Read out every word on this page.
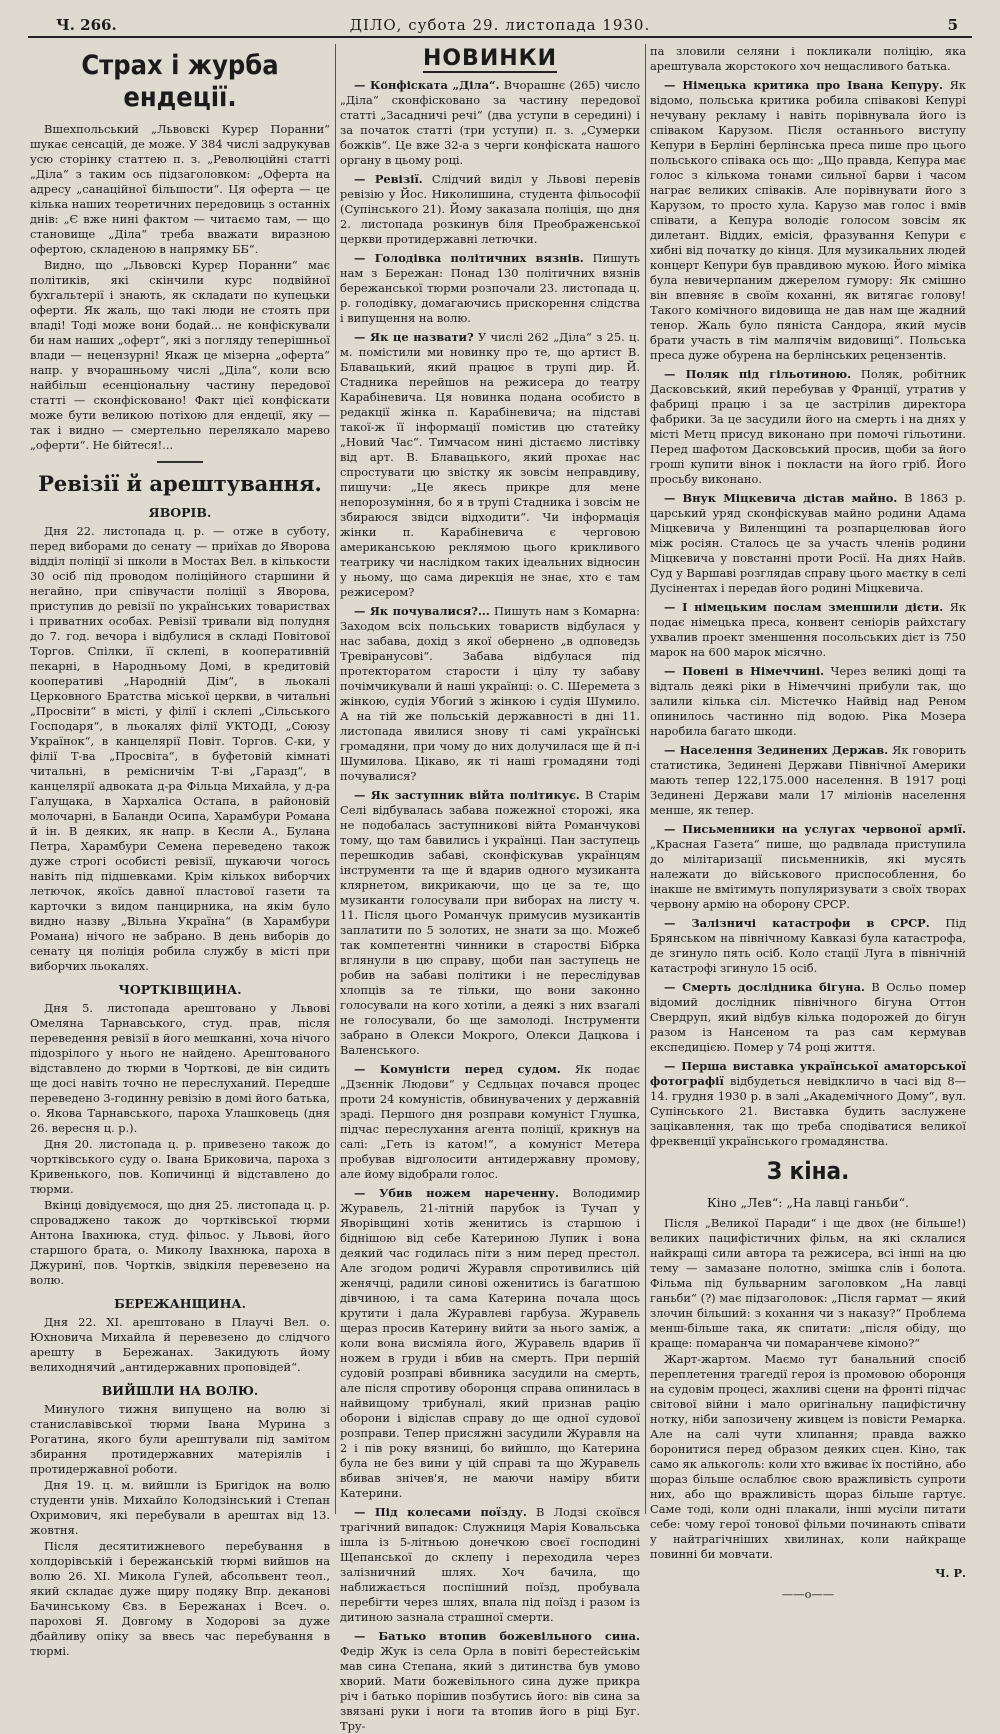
Ч. 266.	ДІЛО, субота 29. листопада 1930.	5
Страх і журба ендеції.

Вшехпольський „Львовскі Курєр Поранни“ шукає сенсацій, де може. У 384 числі задрукував усю сторінку статтею п. з. „Революційні статті „Діла“ з таким ось підзаголовком: „Оферта на адресу „санаційної більшости“. Ця оферта — це кілька наших теоретичних передовиць з останніх днів: „Є вже нині фактом — читаємо там, — що становище „Діла“ треба вважати виразною офертою, складеною в напрямку ББ“.

Видно, що „Львовскі Курєр Поранни“ має політиків, які скінчили курс подвійної бухгальтерії і знають, як складати по купецьки оферти. Як жаль, що такі люди не стоять при владі! Тоді може вони бодай... не конфіскували би нам наших „оферт“, які з погляду теперішньої влади — нецензурні! Якаж це мізерна „оферта“ напр. у вчорашньому числі „Діла“, коли всю найбільш есенціональну частину передової статті — сконфісковано! Факт цієї конфіскати може бути великою потіхою для ендеції, яку — так і видно — смертельно перелякало марево „оферти“. Не бійтеся!...

Ревізії й арештування.
ЯВОРІВ.

Дня 22. листопада ц. р. — отже в суботу, перед виборами до сенату — приїхав до Яворова відділ поліції зі школи в Мостах Вел. в кількости 30 осіб під проводом поліційного старшини й негайно, при співучасти поліції з Яворова, приступив до ревізії по українських товариствах і приватних особах. Ревізії тривали від полудня до 7. год. вечора і відбулися в складі Повітової Торгов. Спілки, її склепі, в кооперативній пекарні, в Народньому Домі, в кредитовій кооперативі „Народній Дім“, в льокалі Церковного Братства міської церкви, в читальні „Просвіти“ в місті, у філії і склепі „Сільського Господаря“, в льокалях філії УКТОДІ, „Союзу Українок“, в канцелярії Повіт. Торгов. С-ки, у філії Т-ва „Просвіта“, в буфетовій кімнаті читальні, в ремісничім Т-ві „Гаразд“, в канцелярії адвоката д-ра Фільца Михайла, у д-ра Галущака, в Хархаліса Остапа, в районовій молочарні, в Баланди Осипа, Харамбури Романа й ін. В деяких, як напр. в Кесли А., Булана Петра, Харамбури Семена переведено також дуже строгі особисті ревізії, шукаючи чогось навіть під підшевками. Крім кількох виборчих летючок, якоїсь давної пластової газети та карточки з видом панцирника, на якім було видно назву „Вільна Україна“ (в Харамбури Романа) нічого не забрано. В день виборів до сенату ця поліція робила службу в місті при виборчих льокалях.

ЧОРТКІВЩИНА.

Дня 5. листопада арештовано у Львові Омеляна Тарнавського, студ. прав, після переведення ревізії в його мешканні, хоча нічого підозрілого у нього не найдено. Арештованого відставлено до тюрми в Чорткові, де він сидить ще досі навіть точно не переслуханий. Передше переведено 3-годинну ревізію в домі його батька, о. Якова Тарнавського, пароха Улашковець (дня 26. вересня ц. р.).

Дня 20. листопада ц. р. привезено також до чортківського суду о. Івана Бриковича, пароха з Кривенького, пов. Копичинці й відставлено до тюрми.

Вкінці довідуємося, що дня 25. листопада ц. р. спроваджено також до чортківської тюрми Антона Івахнюка, студ. фільос. у Львові, його старшого брата, о. Миколу Івахнюка, пароха в Джуринї, пов. Чортків, звідкіля перевезено на волю.

БЕРЕЖАНЩИНА.

Дня 22. XI. арештовано в Плаучі Вел. о. Юхновича Михайла й перевезено до слідчого арешту в Бережанах. Закидують йому велиходнячий „антидержавних проповідей“.

ВИЙШЛИ НА ВОЛЮ.

Минулого тижня випущено на волю зі станиславівської тюрми Івана Мурина з Рогатина, якого були арештували під замітом збирання протидержавних матеріялів і протидержавної роботи.

Дня 19. ц. м. вийшли із Бригідок на волю студенти унів. Михайло Колодзінський і Степан Охримович, які перебували в арештах від 13. жовтня.

Після десятитижневого перебування в холдорівській і бережанській тюрмі вийшов на волю 26. XI. Микола Гулей, абсольвент теол., який складає дуже щиру подяку Впр. деканові Бачинському Євз. в Бережанах і Всеч. о. парохові Я. Довгому в Ходорові за дуже дбайливу опіку за ввесь час перебування в тюрмі.

НОВИНКИ

— Конфіската „Діла“. Вчорашнє (265) число „Діла“ сконфісковано за частину передової статті „Засадничі речі“ (два уступи в середині) і за початок статті (три уступи) п. з. „Сумерки божків“. Це вже 32-а з черги конфіската нашого органу в цьому році.

— Ревізії. Слідчий виділ у Львові перевів ревізію у Йос. Николишина, студента фільософії (Супінського 21). Йому заказала поліція, що дня 2. листопада розкинув біля Преображенської церкви протидержавні летючки.

— Голодівка політичних вязнів. Пишуть нам з Бережан: Понад 130 політичних вязнів бережанської тюрми розпочали 23. листопада ц. р. голодівку, домагаючись прискорення слідства і випущення на волю.

— Як це назвати? У числі 262 „Діла“ з 25. ц. м. помістили ми новинку про те, що артист В. Блавацький, який працює в трупі дир. Й. Стадника перейшов на режисера до театру Карабіневича. Ця новинка подана особисто в редакції жінка п. Карабіневича; на підставі такої-ж її інформації помістив цю статейку „Новий Час“. Тимчасом нині дістаємо листівку від арт. В. Блавацького, який прохає нас спростувати цю звістку як зовсім неправдиву, пишучи: „Це якесь прикре для мене непорозуміння, бо я в трупі Стадника і зовсім не збираюся звідси відходити“. Чи інформація жінки п. Карабіневича є черговою американською реклямою цього крикливого театрику чи наслідком таких ідеальних відносин у ньому, що сама дирекція не знає, хто є там режисером?

— Як почувалися?... Пишуть нам з Комарна: Заходом всіх польських товариств відбулася у нас забава, дохід з якої обернено „в одповедзь Тревіранусові“. Забава відбулася під протекторатом старости і цілу ту забаву почімчикували й наші українці: о. С. Шеремета з жінкою, судія Убогий з жінкою і судія Шумило. А на тій же польській державності в дні 11. листопада явилися знову ті самі українські громадяни, при чому до них долучилася ще й п-і Шумилова. Цікаво, як ті наші громадяни тоді почувалися?

— Як заступник війта політикує. В Старім Селі відбувалась забава пожежної сторожі, яка не подобалась заступникові війта Романчукові тому, що там бавились і українці. Пан заступець перешкодив забаві, сконфіскував українцям інструменти та ще й вдарив одного музиканта клярнетом, викрикаючи, що це за те, що музиканти голосували при виборах на листу ч. 11. Після цього Романчук примусив музикантів заплатити по 5 золотих, не знати за що. Можеб так компетентні чинники в старостві Бібрка вглянули в цю справу, щоби пан заступець не робив на забаві політики і не переслідував хлопців за те тільки, що вони законно голосували на кого хотіли, а деякі з них взагалі не голосували, бо ще замолоді. Інструменти забрано в Олекси Мокрого, Олекси Дацкова і Валенського.

— Комуністи перед судом. Як подає „Дзєннік Людови“ у Сєдльцах почався процес проти 24 комуністів, обвинувачених у державній зраді. Першого дня розправи комуніст Глушка, підчас переслухання агента поліції, крикнув на салі: „Геть із катом!“, а комуніст Метера пробував відголосити антидержавну промову, але йому відобрали голос.

— Убив ножем нареченну. Володимир Журавель, 21-літній парубок із Тучап у Яворівщині хотів женитись із старшою і біднішою від себе Катериною Лупик і вона деякий час годилась піти з ним перед престол. Але згодом родичі Журавля спротивились цій женячці, радили синові оженитись із багатшою дівчиною, і та сама Катерина почала щось крутити і дала Журавлеві гарбуза. Журавель щераз просив Катерину вийти за нього заміж, а коли вона висміяла його, Журавель вдарив її ножем в груди і вбив на смерть. При першій судовій розправі вбивника засудили на смерть, але після спротиву оборонця справа опинилась в найвищому трибуналі, який признав рацію оборони і відіслав справу до ще одної судової розправи. Тепер присяжні засудили Журавля на 2 і пів року вязниці, бо вийшло, що Катерина була не без вини у цій справі та що Журавель вбивав знічев'я, не маючи наміру вбити Катерини.

— Під колесами поїзду. В Лодзі скоївся трагічний випадок: Служниця Марія Ковальська ішла із 5-літньою донечкою своєї господині Щепанської до склепу і переходила через залізничний шлях. Хоч бачила, що наближається поспішний поїзд, пробувала перебігти через шлях, впала під поїзд і разом із дитиною зазнала страшної смерти.

— Батько втопив божевільного сина. Федір Жук із села Орла в повіті берестейськім мав сина Степана, який з дитинства був умово хворий. Мати божевільного сина дуже прикра річ і батько порішив позбутись його: вів сина за звязані руки і ноги та втопив його в ріці Буг. Тру-

па зловили селяни і покликали поліцію, яка арештувала жорстокого хоч нещасливого батька.

— Німецька критика про Івана Кепуру. Як відомо, польська критика робила співакові Кепурі нечувану рекламу і навіть порівнувала його із співаком Карузом. Після останнього виступу Кепури в Берліні берлінська преса пише про цього польського співака ось що: „Що правда, Кепура має голос з кількома тонами сильної барви і часом награє великих співаків. Але порівнувати його з Карузом, то просто хула. Карузо мав голос і вмів співати, а Кепура володіє голосом зовсім як дилетант. Віддих, емісія, фразування Кепури є хибні від початку до кінця. Для музикальних людей концерт Кепури був правдивою мукою. Його міміка була невичерпаним джерелом гумору: Як смішно він впевняє в своїм коханні, як витягає голову! Такого комічного видовища не дав нам ще жадний тенор. Жаль було пяніста Сандора, який мусів брати участь в тім малпячім видовищі“. Польська преса дуже обурена на берлінських рецензентів.

— Поляк під гільотиною. Поляк, робітник Дасковський, який перебував у Франції, утратив у фабриці працю і за це застрілив директора фабрики. За це засудили його на смерть і на днях у місті Метц присуд виконано при помочі гільотини. Перед шафотом Дасковський просив, щоби за його гроші купити вінок і покласти на його гріб. Його просьбу виконано.

— Внук Міцкевича дістав майно. В 1863 р. царський уряд сконфіскував майно родини Адама Міцкевича у Виленщині та розпарцелював його між росіян. Сталось це за участь членів родини Міцкевича у повстанні проти Росії. На днях Найв. Суд у Варшаві розглядав справу цього маєтку в селі Дусінентах і передав його родині Міцкевича.

— І німецьким послам зменшили дієти. Як подає німецька преса, конвент сеніорів райхстагу ухвалив проект зменшення посольських дієт із 750 марок на 600 марок місячно.

— Повені в Німеччині. Через великі дощі та відталь деякі ріки в Німеччині прибули так, що залили кілька сіл. Містечко Найвід над Реном опинилось частинно під водою. Ріка Мозера наробила багато шкоди.

— Населення Зединених Держав. Як говорить статистика, Зединені Держави Північної Америки мають тепер 122,175.000 населення. В 1917 році Зединені Держави мали 17 міліонів населення менше, як тепер.

— Письменники на услугах червоної армії. „Красная Газета“ пише, що радвлада приступила до мілітаризації письменників, які мусять належати до військового приспособлення, бо інакше не вмітимуть популяризувати з своїх творах червону армію на оборону СРСР.

— Залізничі катастрофи в СРСР. Під Брянськом на північному Кавказі була катастрофа, де згинуло пять осіб. Коло стації Луга в північній катастрофі згинуло 15 осіб.

— Смерть дослідника бігуна. В Осльо помер відомий дослідник північного бігуна Оттон Свердруп, який відбув кілька подорожей до бігун разом із Нансеном та раз сам кермував експедицією. Помер у 74 році життя.

— Перша виставка української аматорської фотографії відбудеться невідкличо в часі від 8—14. грудня 1930 р. в залі „Академічного Дому“, вул. Супінського 21. Виставка будить заслужене зацікавлення, так що треба сподіватися великої фреквенції українського громадянства.

З кіна.
Кіно „Лев“: „На лавці ганьби“.

Після „Великої Паради“ і ще двох (не більше!) великих пацифістичних фільм, на які склалися найкращі сили автора та режисера, всі інші на цю тему — замазане полотно, змішка слів і болота. Фільма під бульварним заголовком „На лавці ганьби“ (?) має підзаголовок: „Після гармат — який злочин більший: з кохання чи з наказу?“ Проблема менш-більше така, як спитати: „після обіду, що краще: помаранча чи помаранчеве кімоно?“

Жарт-жартом. Маємо тут банальний спосіб переплетення трагедії героя із промовою оборонця на судовім процесі, жахливі сцени на фронті підчас світової війни і мало оригінальну пацифістичну нотку, ніби запозичену живцем із повісти Ремарка. Але на салі чути хлипання; правда важко боронитися перед образом деяких сцен. Кіно, так само як алькоголь: коли хто вживає їх постійно, або щораз більше ослаблює свою вражливість супроти них, або що вражливість щораз більше гартує. Саме тоді, коли одні плакали, інші мусіли питати себе: чому герої тонової фільми починають співати у найтрагічніших хвилинах, коли найкраще повинні би мовчати.

Ч. Р.
——о——
